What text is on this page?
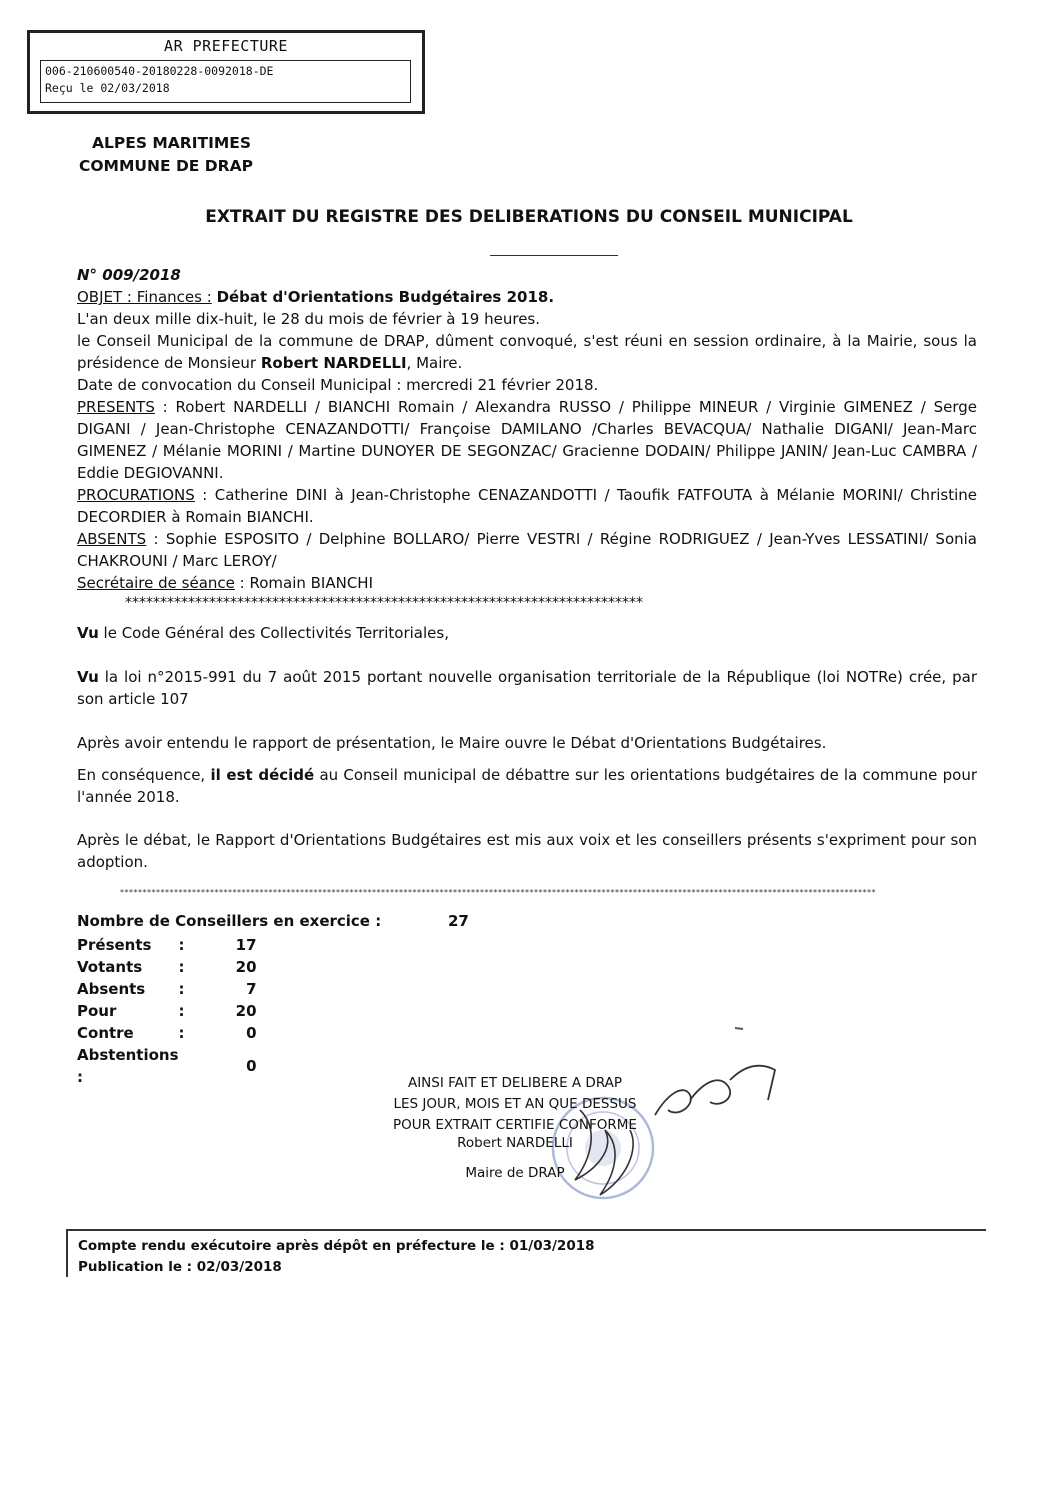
AR PREFECTURE
006-210600540-20180228-0092018-DE
Reçu le 02/03/2018
ALPES MARITIMES
COMMUNE DE DRAP
EXTRAIT DU REGISTRE DES DELIBERATIONS DU CONSEIL MUNICIPAL

N° 009/2018

OBJET : Finances : Débat d'Orientations Budgétaires 2018.

L'an deux mille dix-huit, le 28 du mois de février à 19 heures.

le Conseil Municipal de la commune de DRAP, dûment convoqué, s'est réuni en session ordinaire, à la Mairie, sous la présidence de Monsieur Robert NARDELLI, Maire.

Date de convocation du Conseil Municipal : mercredi 21 février 2018.

PRESENTS : Robert NARDELLI / BIANCHI Romain / Alexandra RUSSO / Philippe MINEUR / Virginie GIMENEZ / Serge DIGANI / Jean-Christophe CENAZANDOTTI/ Françoise DAMILANO /Charles BEVACQUA/ Nathalie DIGANI/ Jean-Marc GIMENEZ / Mélanie MORINI / Martine DUNOYER DE SEGONZAC/ Gracienne DODAIN/ Philippe JANIN/ Jean-Luc CAMBRA / Eddie DEGIOVANNI.

PROCURATIONS : Catherine DINI à Jean-Christophe CENAZANDOTTI / Taoufik FATFOUTA à Mélanie MORINI/ Christine DECORDIER à Romain BIANCHI.

ABSENTS : Sophie ESPOSITO / Delphine BOLLARO/ Pierre VESTRI / Régine RODRIGUEZ / Jean-Yves LESSATINI/ Sonia CHAKROUNI / Marc LEROY/

Secrétaire de séance : Romain BIANCHI

**************************************************************************

Vu le Code Général des Collectivités Territoriales,
Vu la loi n°2015-991 du 7 août 2015 portant nouvelle organisation territoriale de la République (loi NOTRe) crée, par son article 107
Après avoir entendu le rapport de présentation, le Maire ouvre le Débat d'Orientations Budgétaires.
En conséquence, il est décidé au Conseil municipal de débattre sur les orientations budgétaires de la commune pour l'année 2018.
Après le débat, le Rapport d'Orientations Budgétaires est mis aux voix et les conseillers présents s'expriment pour son adoption.
************************************************************************************************************************************************************************
Nombre de Conseillers en exercice :	27
Présents	:	17
Votants	:	20
Absents	:	7
Pour	:	20
Contre	:	0
Abstentions :		0
AINSI FAIT ET DELIBERE A DRAP
LES JOUR, MOIS ET AN QUE DESSUS
POUR EXTRAIT CERTIFIE CONFORME
Robert NARDELLI
Maire de DRAP
Compte rendu exécutoire après dépôt en préfecture le : 01/03/2018
Publication le : 02/03/2018
